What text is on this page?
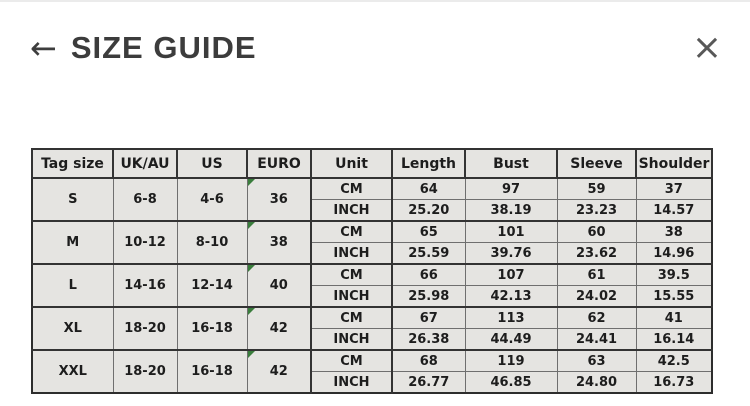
← SIZE GUIDE	×
Tag size	UK/AU	US	EURO	Unit	Length	Bust	Sleeve	Shoulder
S	6-8	4-6	36	CM	64	97	59	37
				INCH	25.20	38.19	23.23	14.57
M	10-12	8-10	38	CM	65	101	60	38
				INCH	25.59	39.76	23.62	14.96
L	14-16	12-14	40	CM	66	107	61	39.5
				INCH	25.98	42.13	24.02	15.55
XL	18-20	16-18	42	CM	67	113	62	41
				INCH	26.38	44.49	24.41	16.14
XXL	18-20	16-18	42	CM	68	119	63	42.5
				INCH	26.77	46.85	24.80	16.73
